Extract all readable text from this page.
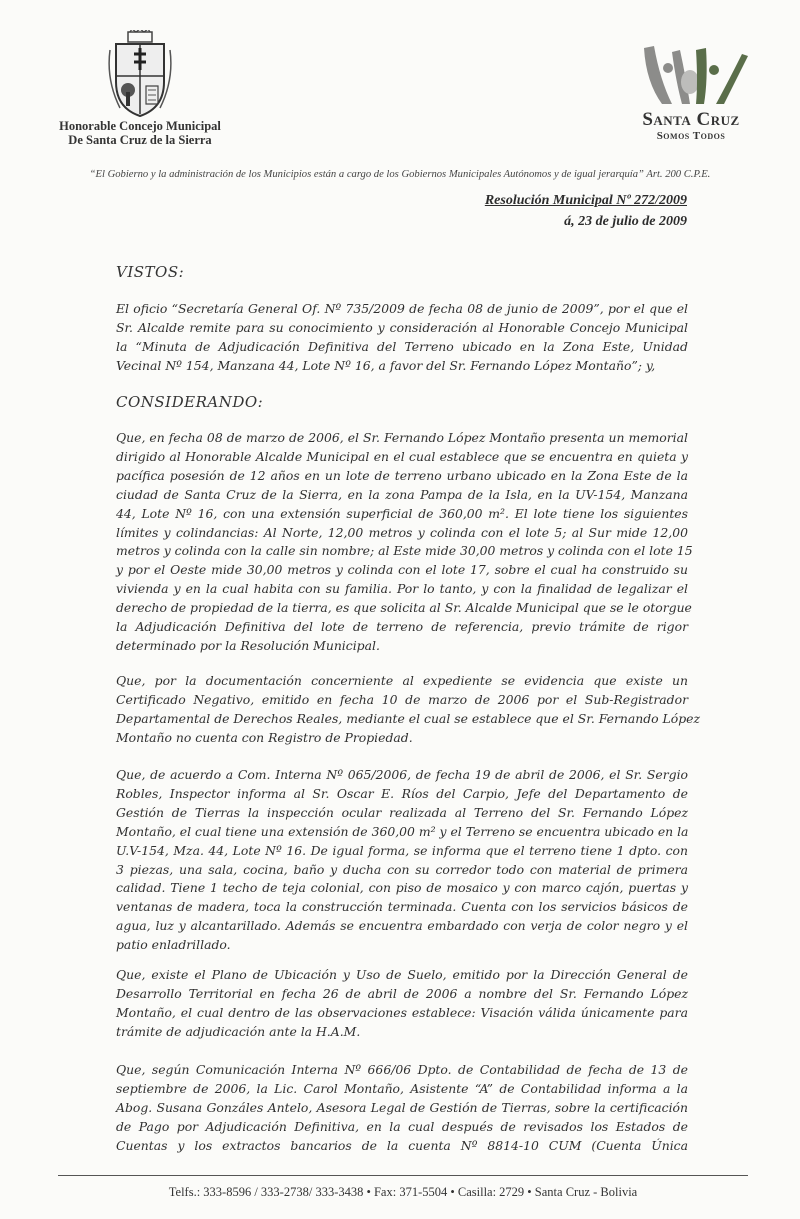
Honorable Concejo Municipal
De Santa Cruz de la Sierra
Santa Cruz
Somos Todos
“El Gobierno y la administración de los Municipios están a cargo de los Gobiernos Municipales Autónomos y de igual jerarquía” Art. 200 C.P.E.
Resolución Municipal Nº 272/2009
á, 23 de julio de 2009
VISTOS:
El oficio “Secretaría General Of. Nº 735/2009 de fecha 08 de junio de 2009”, por el que el
Sr. Alcalde remite para su conocimiento y consideración al Honorable Concejo Municipal
la “Minuta de Adjudicación Definitiva del Terreno ubicado en la Zona Este, Unidad
Vecinal Nº 154, Manzana 44, Lote Nº 16, a favor del Sr. Fernando López Montaño”; y,
CONSIDERANDO:
Que, en fecha 08 de marzo de 2006, el Sr. Fernando López Montaño presenta un memorial
dirigido al Honorable Alcalde Municipal en el cual establece que se encuentra en quieta y
pacífica posesión de 12 años en un lote de terreno urbano ubicado en la Zona Este de la
ciudad de Santa Cruz de la Sierra, en la zona Pampa de la Isla, en la UV-154, Manzana
44, Lote Nº 16, con una extensión superficial de 360,00 m². El lote tiene los siguientes
límites y colindancias: Al Norte, 12,00 metros y colinda con el lote 5; al Sur mide 12,00
metros y colinda con la calle sin nombre; al Este mide 30,00 metros y colinda con el lote 15
y por el Oeste mide 30,00 metros y colinda con el lote 17, sobre el cual ha construido su
vivienda y en la cual habita con su familia. Por lo tanto, y con la finalidad de legalizar el
derecho de propiedad de la tierra, es que solicita al Sr. Alcalde Municipal que se le otorgue
la Adjudicación Definitiva del lote de terreno de referencia, previo trámite de rigor
determinado por la Resolución Municipal.
Que, por la documentación concerniente al expediente se evidencia que existe un
Certificado Negativo, emitido en fecha 10 de marzo de 2006 por el Sub-Registrador
Departamental de Derechos Reales, mediante el cual se establece que el Sr. Fernando López
Montaño no cuenta con Registro de Propiedad.
Que, de acuerdo a Com. Interna Nº 065/2006, de fecha 19 de abril de 2006, el Sr. Sergio
Robles, Inspector informa al Sr. Oscar E. Ríos del Carpio, Jefe del Departamento de
Gestión de Tierras la inspección ocular realizada al Terreno del Sr. Fernando López
Montaño, el cual tiene una extensión de 360,00 m² y el Terreno se encuentra ubicado en la
U.V-154, Mza. 44, Lote Nº 16. De igual forma, se informa que el terreno tiene 1 dpto. con
3 piezas, una sala, cocina, baño y ducha con su corredor todo con material de primera
calidad. Tiene 1 techo de teja colonial, con piso de mosaico y con marco cajón, puertas y
ventanas de madera, toca la construcción terminada. Cuenta con los servicios básicos de
agua, luz y alcantarillado. Además se encuentra embardado con verja de color negro y el
patio enladrillado.
Que, existe el Plano de Ubicación y Uso de Suelo, emitido por la Dirección General de
Desarrollo Territorial en fecha 26 de abril de 2006 a nombre del Sr. Fernando López
Montaño, el cual dentro de las observaciones establece: Visación válida únicamente para
trámite de adjudicación ante la H.A.M.
Que, según Comunicación Interna Nº 666/06 Dpto. de Contabilidad de fecha de 13 de
septiembre de 2006, la Lic. Carol Montaño, Asistente “A” de Contabilidad informa a la
Abog. Susana Gonzáles Antelo, Asesora Legal de Gestión de Tierras, sobre la certificación
de Pago por Adjudicación Definitiva, en la cual después de revisados los Estados de
Cuentas y los extractos bancarios de la cuenta Nº 8814-10 CUM (Cuenta Única
Telfs.: 333-8596 / 333-2738/ 333-3438 • Fax: 371-5504 • Casilla: 2729 • Santa Cruz - Bolivia
